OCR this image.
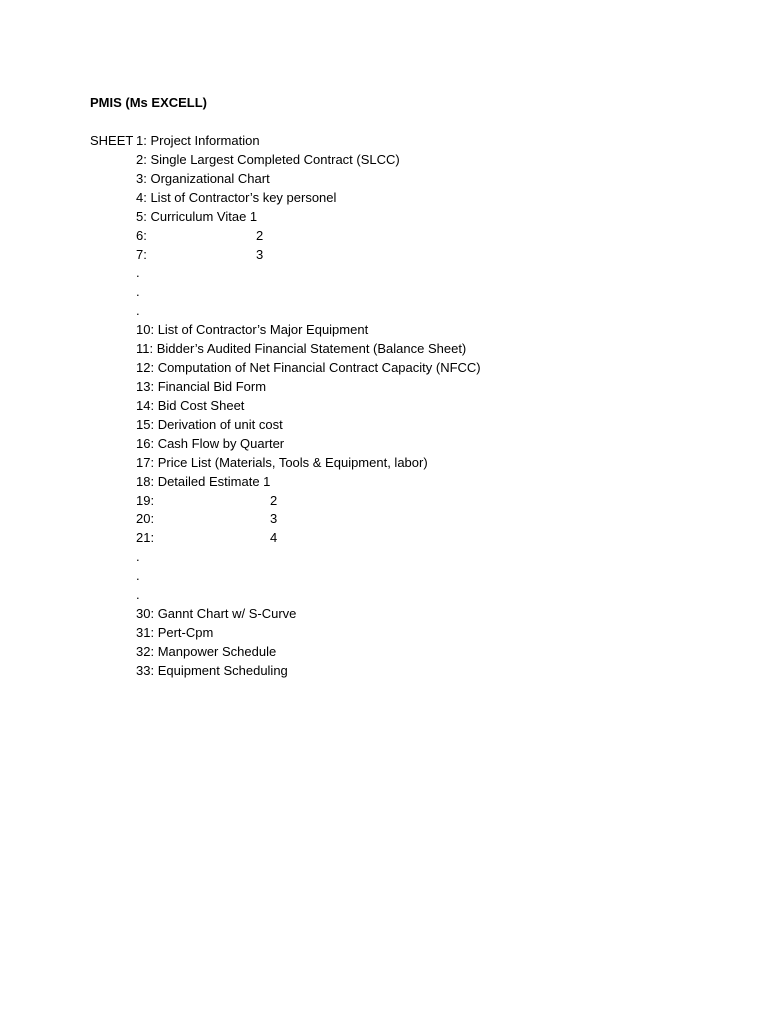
PMIS (Ms EXCELL)
SHEET 1: Project Information
2: Single Largest Completed Contract (SLCC)
3: Organizational Chart
4: List of Contractor’s key personel
5: Curriculum Vitae 1
6:	2
7:	3
.
.
.
10: List of Contractor’s Major Equipment
11: Bidder’s Audited Financial Statement (Balance Sheet)
12: Computation of Net Financial Contract Capacity (NFCC)
13: Financial Bid Form
14: Bid Cost Sheet
15: Derivation of unit cost
16: Cash Flow by Quarter
17: Price List (Materials, Tools & Equipment, labor)
18: Detailed Estimate 1
19:	2
20:	3
21:	4
.
.
.
30: Gannt Chart w/ S-Curve
31: Pert-Cpm
32: Manpower Schedule
33: Equipment Scheduling
